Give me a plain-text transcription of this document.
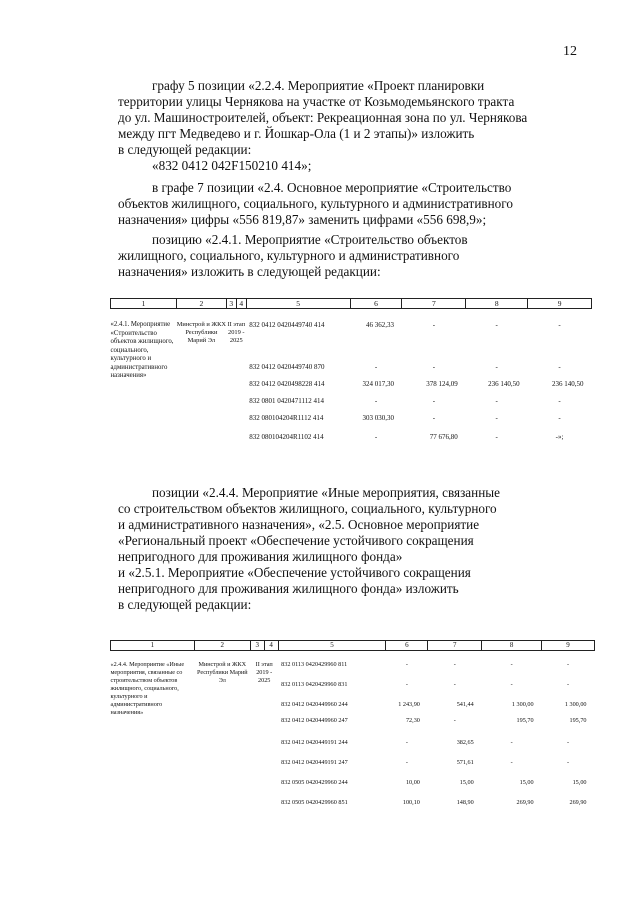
12

графу 5 позиции «2.2.4. Мероприятие «Проект планировки

территории улицы Чернякова на участке от Козьмодемьянского тракта

до ул. Машиностроителей, объект: Рекреационная зона по ул. Чернякова

между пгт Медведево и г. Йошкар-Ола (1 и 2 этапы)» изложить

в следующей редакции:

«832 0412 042F150210 414»;

в графе 7 позиции «2.4. Основное мероприятие «Строительство

объектов жилищного, социального, культурного и административного

назначения» цифры «556 819,87» заменить цифрами «556 698,9»;

позицию «2.4.1. Мероприятие «Строительство объектов

жилищного, социального, культурного и административного

назначения» изложить в следующей редакции:

1	2	3	4	5	6	7	8	9
«2.4.1. Мероприятие «Строительство объектов жилищного, социального, культурного и административного назначения»	Минстрой и ЖКХ Республики Марий Эл	II этап 2019 - 2025		832 0412 0420449740 414	46 362,33	-	-	-
				832 0412 0420449740 870	-	-	-	-
				832 0412 0420498228 414	324 017,30	378 124,09	236 140,50	236 140,50
				832 0801 0420471112 414	-	-	-	-
				832 080104204R1112 414	303 030,30	-	-	-
				832 080104204R1102 414	-	77 676,80	-	-»;

позиции «2.4.4. Мероприятие «Иные мероприятия, связанные

со строительством объектов жилищного, социального, культурного

и административного назначения», «2.5. Основное мероприятие

«Региональный проект «Обеспечение устойчивого сокращения

непригодного для проживания жилищного фонда»

и «2.5.1. Мероприятие «Обеспечение устойчивого сокращения

непригодного для проживания жилищного фонда» изложить

в следующей редакции:

1	2	3	4	5	6	7	8	9
«2.4.4. Мероприятие «Иные мероприятия, связанные со строительством объектов жилищного, социального, культурного и административного назначения»	Минстрой и ЖКХ Республики Марий Эл	II этап 2019 - 2025		832 0113 0420429960 811	-	-	-	-
				832 0113 0420429960 831	-	-	-	-
				832 0412 0420449960 244	1 243,90	541,44	1 300,00	1 300,00
				832 0412 0420449960 247	72,30	-	195,70	195,70
				832 0412 0420449191 244	-	382,65	-	-
				832 0412 0420449191 247	-	571,61	-	-
				832 0505 0420429960 244	10,00	15,00	15,00	15,00
				832 0505 0420429960 851	100,10	148,90	269,90	269,90
